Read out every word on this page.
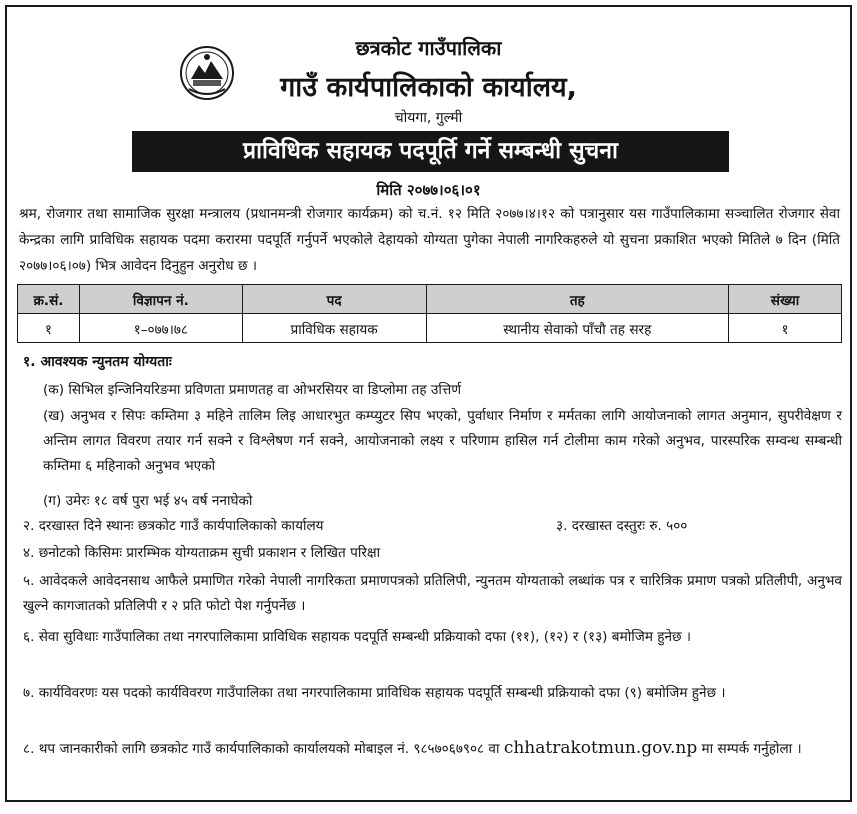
छत्रकोट गाउँपालिका
गाउँ कार्यपालिकाको कार्यालय,
चोयगा, गुल्मी
प्राविधिक सहायक पदपूर्ति गर्ने सम्बन्धी सुचना
मिति २०७७।०६।०१
श्रम, रोजगार तथा सामाजिक सुरक्षा मन्त्रालय (प्रधानमन्त्री रोजगार कार्यक्रम) को च.नं. १२ मिति २०७७।४।१२ को पत्रानुसार यस गाउँपालिकामा सञ्चालित रोजगार सेवा केन्द्रका लागि प्राविधिक सहायक पदमा करारमा पदपूर्ति गर्नुपर्ने भएकोले देहायको योग्यता पुगेका नेपाली नागरिकहरुले यो सुचना प्रकाशित भएको मितिले ७ दिन (मिति २०७७।०६।०७) भित्र आवेदन दिनुहुन अनुरोध छ ।
क्र.सं.	विज्ञापन नं.	पद	तह	संख्या
१	१–०७७।७८	प्राविधिक सहायक	स्थानीय सेवाको पाँचौ तह सरह	१
१. आवश्यक न्युनतम योग्यताः
(क) सिभिल इन्जिनियरिङमा प्रविणता प्रमाणतह वा ओभरसियर वा डिप्लोमा तह उत्तिर्ण
(ख) अनुभव र सिपः कम्तिमा ३ महिने तालिम लिइ आधारभुत कम्प्युटर सिप भएको, पुर्वाधार निर्माण र मर्मतका लागि आयोजनाको लागत अनुमान, सुपरीवेक्षण र अन्तिम लागत विवरण तयार गर्न सक्ने र विश्लेषण गर्न सक्ने, आयोजनाको लक्ष्य र परिणाम हासिल गर्न टोलीमा काम गरेको अनुभव, पारस्परिक सम्वन्ध सम्बन्धी कम्तिमा ६ महिनाको अनुभव भएको
(ग) उमेरः १८ वर्ष पुरा भई ४५ वर्ष ननाघेको
२. दरखास्त दिने स्थानः छत्रकोट गाउँ कार्यपालिकाको कार्यालय	३. दरखास्त दस्तुरः रु. ५००
४. छनोटको किसिमः प्रारम्भिक योग्यताक्रम सुची प्रकाशन र लिखित परिक्षा
५. आवेदकले आवेदनसाथ आफैले प्रमाणित गरेको नेपाली नागरिकता प्रमाणपत्रको प्रतिलिपी, न्युनतम योग्यताको लब्धांक पत्र र चारित्रिक प्रमाण पत्रको प्रतिलीपी, अनुभव खुल्ने कागजातको प्रतिलिपी र २ प्रति फोटो पेश गर्नुपर्नेछ ।
६. सेवा सुविधाः गाउँपालिका तथा नगरपालिकामा प्राविधिक सहायक पदपूर्ति सम्बन्धी प्रक्रियाको दफा (११), (१२) र (१३) बमोजिम हुनेछ ।
७. कार्यविवरणः यस पदको कार्यविवरण गाउँपालिका तथा नगरपालिकामा प्राविधिक सहायक पदपूर्ति सम्बन्धी प्रक्रियाको दफा (९) बमोजिम हुनेछ ।
८. थप जानकारीको लागि छत्रकोट गाउँ कार्यपालिकाको कार्यालयको मोबाइल नं. ९८५७०६७९०८ वा chhatrakotmun.gov.np मा सम्पर्क गर्नुहोला ।
